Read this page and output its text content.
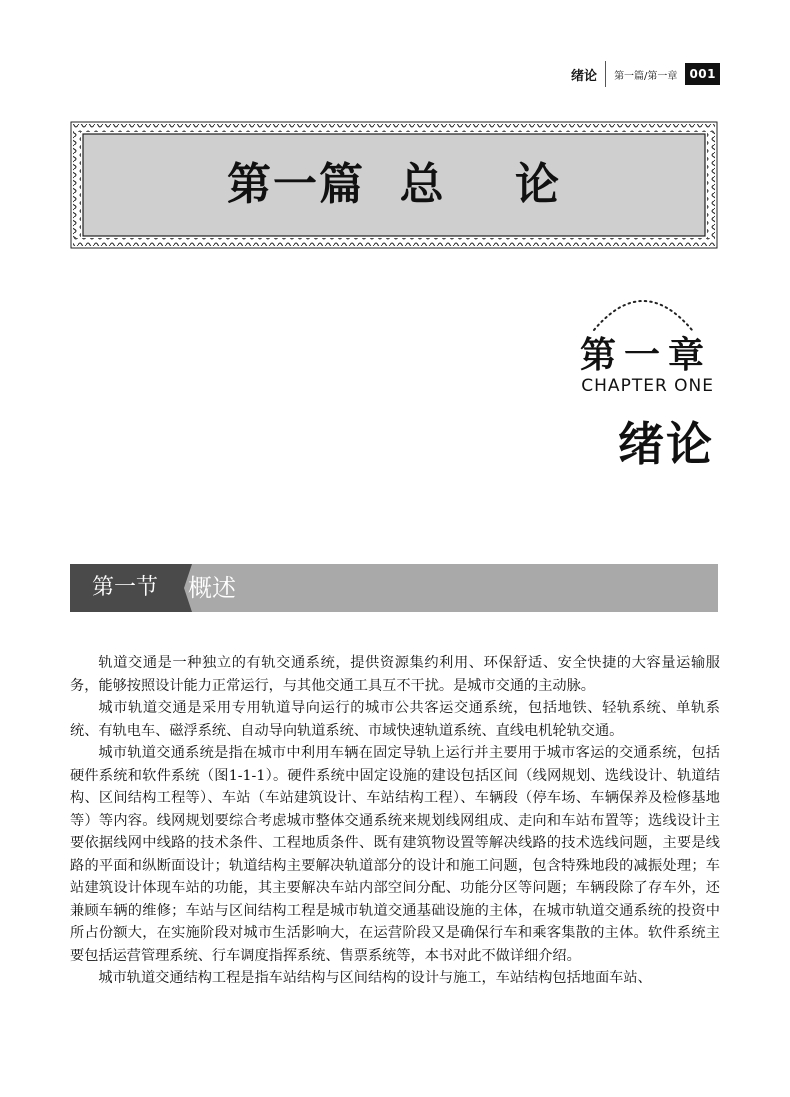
绪论 第一篇/第一章	001
第一篇  总    论
第一章
CHAPTER ONE
绪论
第一节	概述

轨道交通是一种独立的有轨交通系统，提供资源集约利用、环保舒适、安全快捷的大容量运输服务，能够按照设计能力正常运行，与其他交通工具互不干扰。是城市交通的主动脉。

城市轨道交通是采用专用轨道导向运行的城市公共客运交通系统，包括地铁、轻轨系统、单轨系统、有轨电车、磁浮系统、自动导向轨道系统、市域快速轨道系统、直线电机轮轨交通。

城市轨道交通系统是指在城市中利用车辆在固定导轨上运行并主要用于城市客运的交通系统，包括硬件系统和软件系统（图1-1-1）。硬件系统中固定设施的建设包括区间（线网规划、选线设计、轨道结构、区间结构工程等）、车站（车站建筑设计、车站结构工程）、车辆段（停车场、车辆保养及检修基地等）等内容。线网规划要综合考虑城市整体交通系统来规划线网组成、走向和车站布置等；选线设计主要依据线网中线路的技术条件、工程地质条件、既有建筑物设置等解决线路的技术选线问题，主要是线路的平面和纵断面设计；轨道结构主要解决轨道部分的设计和施工问题，包含特殊地段的减振处理；车站建筑设计体现车站的功能，其主要解决车站内部空间分配、功能分区等问题；车辆段除了存车外，还兼顾车辆的维修；车站与区间结构工程是城市轨道交通基础设施的主体，在城市轨道交通系统的投资中所占份额大，在实施阶段对城市生活影响大，在运营阶段又是确保行车和乘客集散的主体。软件系统主要包括运营管理系统、行车调度指挥系统、售票系统等，本书对此不做详细介绍。

城市轨道交通结构工程是指车站结构与区间结构的设计与施工，车站结构包括地面车站、
